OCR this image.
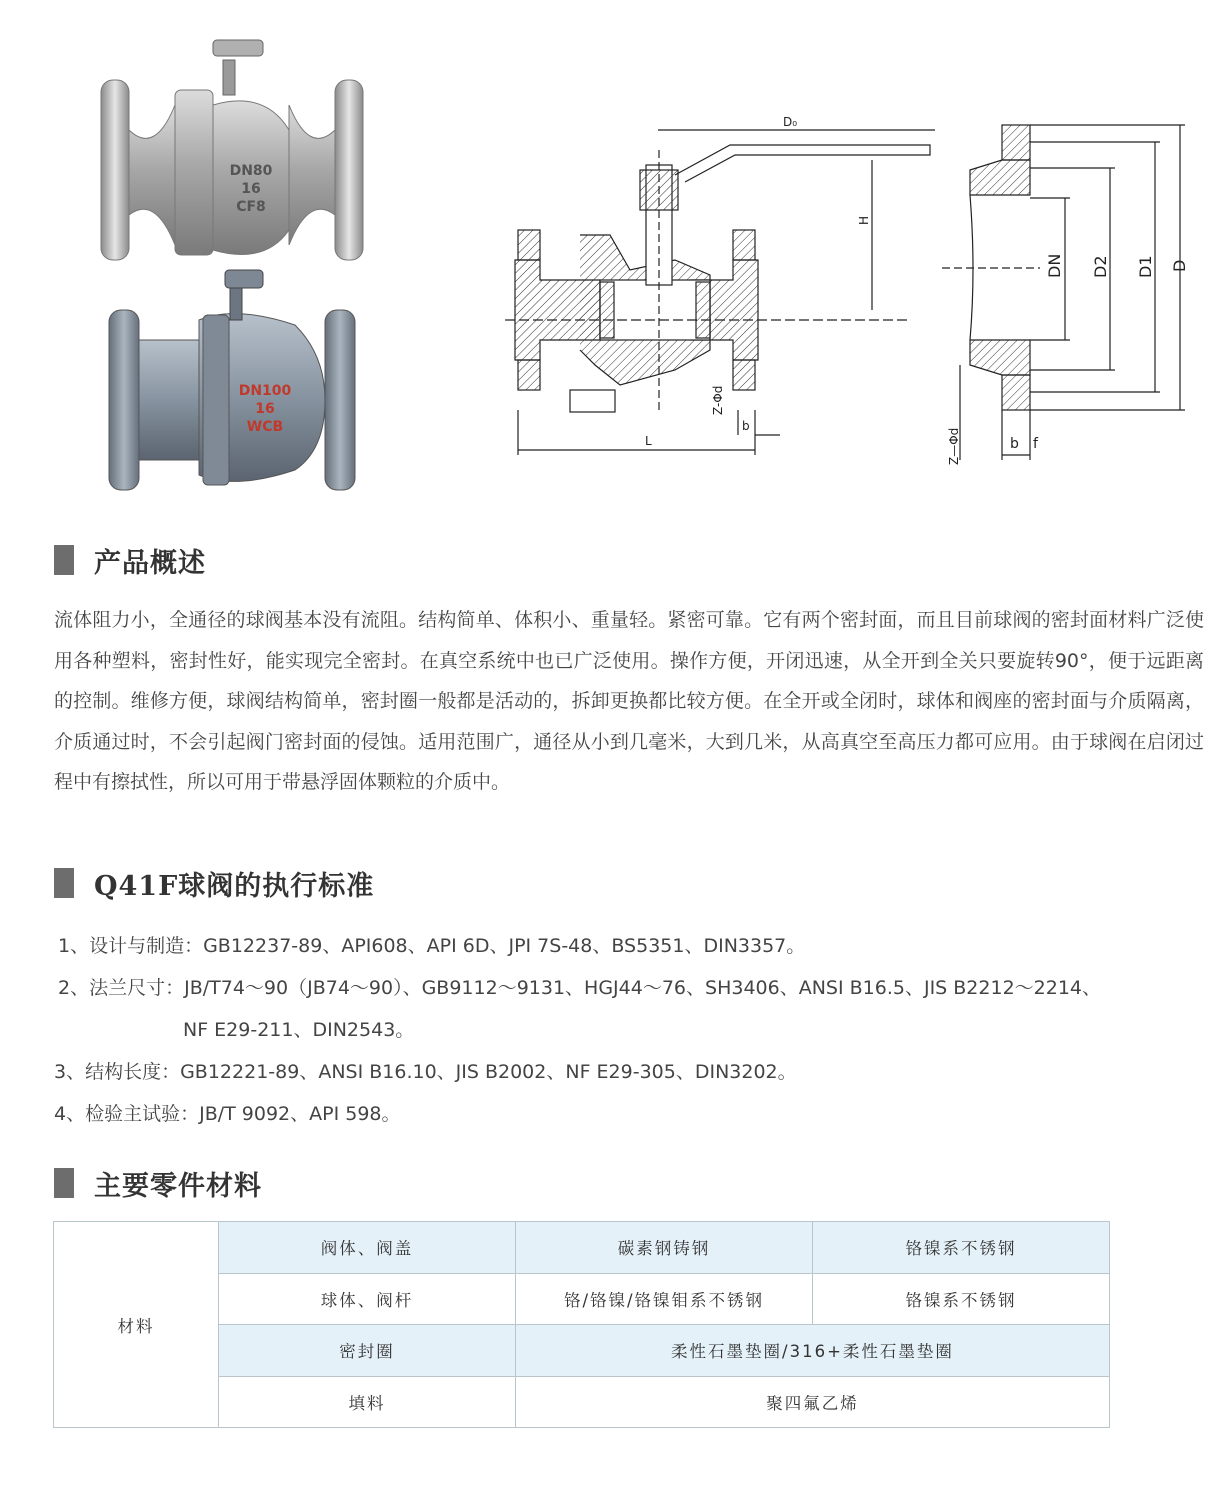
DN80
16
CF8
DN100
16
WCB
D₀
H
L
Z-Φd
b
DN D2 D1 D
Z—Φd	b f
产品概述
流体阻力小，全通径的球阀基本没有流阻。结构简单、体积小、重量轻。紧密可靠。它有两个密封面，而且目前球阀的密封面材料广泛使用各种塑料，密封性好，能实现完全密封。在真空系统中也已广泛使用。操作方便，开闭迅速，从全开到全关只要旋转90°，便于远距离的控制。维修方便，球阀结构简单，密封圈一般都是活动的，拆卸更换都比较方便。在全开或全闭时，球体和阀座的密封面与介质隔离，介质通过时，不会引起阀门密封面的侵蚀。适用范围广，通径从小到几毫米，大到几米，从高真空至高压力都可应用。由于球阀在启闭过程中有擦拭性，所以可用于带悬浮固体颗粒的介质中。
Q41F球阀的执行标准
1、设计与制造：GB12237-89、API608、API 6D、JPI 7S-48、BS5351、DIN3357。
2、法兰尺寸：JB/T74～90（JB74～90）、GB9112～9131、HGJ44～76、SH3406、ANSI B16.5、JIS B2212～2214、
NF E29-211、DIN2543。
3、结构长度：GB12221-89、ANSI B16.10、JIS B2002、NF E29-305、DIN3202。
4、检验主试验：JB/T 9092、API 598。
主要零件材料
材料	阀体、阀盖	碳素钢铸钢	铬镍系不锈钢
	球体、阀杆	铬/铬镍/铬镍钼系不锈钢	铬镍系不锈钢
	密封圈	柔性石墨垫圈/316+柔性石墨垫圈	
	填料	聚四氟乙烯	
